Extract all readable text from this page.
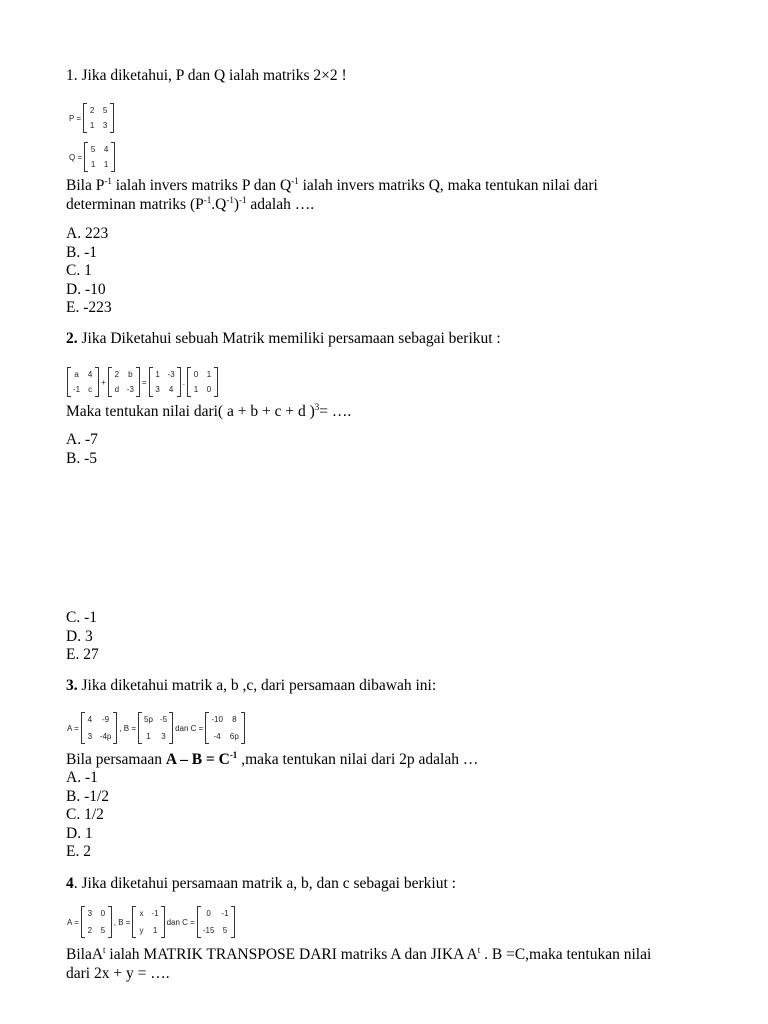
1. Jika diketahui, P dan Q ialah matriks 2×2 !
P =
2 5
1 3
Q =
5 4
1 1
Bila $P^{-1}$ ialah invers matriks P dan $Q^{-1}$ ialah invers matriks Q, maka tentukan nilai dari
determinan matriks $(P^{-1}.Q^{-1})^{-1}$ adalah ….
A. 223
B. -1
C. 1
D. -10
E. -223
2. Jika Diketahui sebuah Matrik memiliki persamaan sebagai berikut :
a 4
-1 c
+
2 b
d -3
=
1 -3
3 4
.
0 1
1 0
Maka tentukan nilai dari( a + b + c + d )$^3$= ….
A. -7
B. -5
C. -1
D. 3
E. 27
3. Jika diketahui matrik a, b ,c, dari persamaan dibawah ini:
A =
4 -9
3 -4p
, B =
5p -5
1 3
dan C =
-10 8
-4 6p
Bila persamaan $A - B = C^{-1}$ ,maka tentukan nilai dari 2p adalah …
A. -1
B. -1/2
C. 1/2
D. 1
E. 2
4. Jika diketahui persamaan matrik a, b, dan c sebagai berkiut :
A =
3 0
2 5
, B =
x -1
y 1
dan C =
0	-1
-15 5
BilaA$^t$ ialah MATRIK TRANSPOSE DARI matriks A dan JIKA $A^t$ . B =C,maka tentukan nilai
dari 2x + y = ….
